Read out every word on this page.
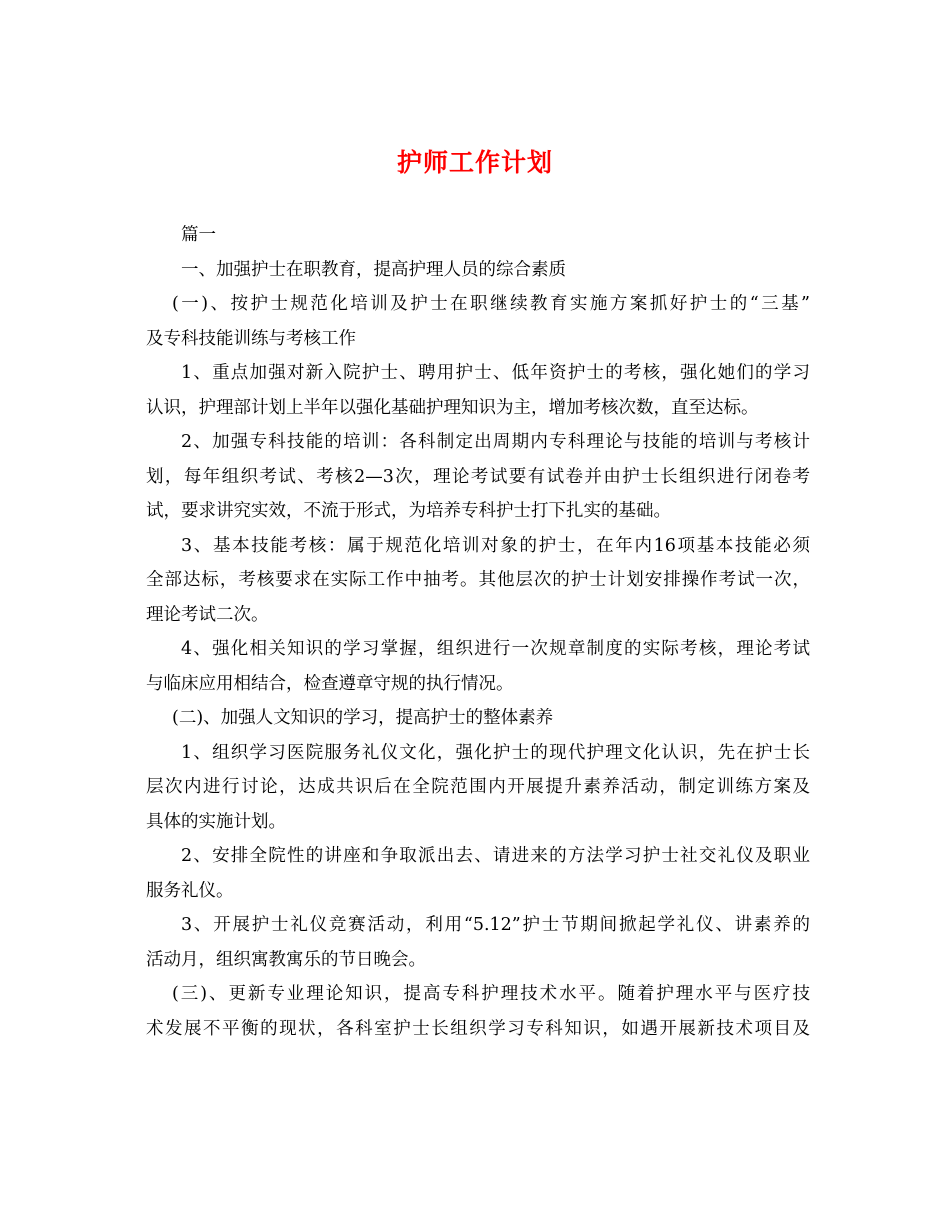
护师工作计划
篇一
一、加强护士在职教育，提高护理人员的综合素质
(一)、按护士规范化培训及护士在职继续教育实施方案抓好护士的“三基”
及专科技能训练与考核工作
1、重点加强对新入院护士、聘用护士、低年资护士的考核，强化她们的学习
认识，护理部计划上半年以强化基础护理知识为主，增加考核次数，直至达标。
2、加强专科技能的培训：各科制定出周期内专科理论与技能的培训与考核计
划，每年组织考试、考核2—3次，理论考试要有试卷并由护士长组织进行闭卷考
试，要求讲究实效，不流于形式，为培养专科护士打下扎实的基础。
3、基本技能考核：属于规范化培训对象的护士，在年内16项基本技能必须
全部达标，考核要求在实际工作中抽考。其他层次的护士计划安排操作考试一次，
理论考试二次。
4、强化相关知识的学习掌握，组织进行一次规章制度的实际考核，理论考试
与临床应用相结合，检查遵章守规的执行情况。
(二)、加强人文知识的学习，提高护士的整体素养
1、组织学习医院服务礼仪文化，强化护士的现代护理文化认识，先在护士长
层次内进行讨论，达成共识后在全院范围内开展提升素养活动，制定训练方案及
具体的实施计划。
2、安排全院性的讲座和争取派出去、请进来的方法学习护士社交礼仪及职业
服务礼仪。
3、开展护士礼仪竞赛活动，利用“5.12”护士节期间掀起学礼仪、讲素养的
活动月，组织寓教寓乐的节日晚会。
(三)、更新专业理论知识，提高专科护理技术水平。随着护理水平与医疗技
术发展不平衡的现状，各科室护士长组织学习专科知识，如遇开展新技术项目及
